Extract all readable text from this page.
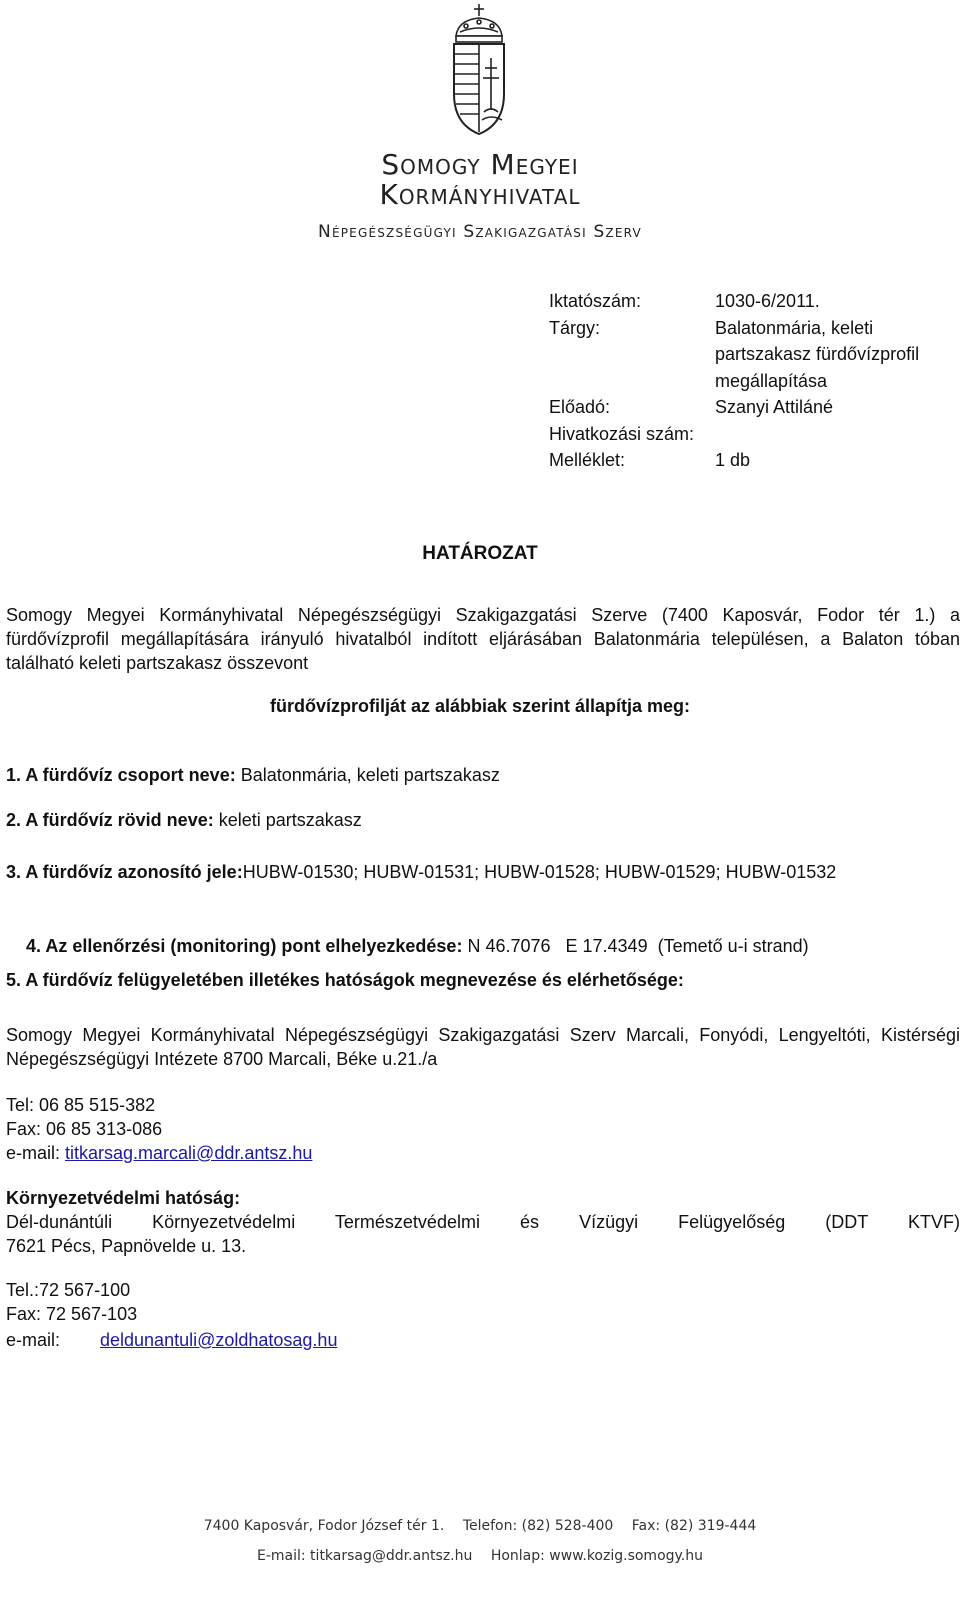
Somogy Megyei
Kormányhivatal
Népegészségügyi Szakigazgatási Szerv
Iktatószám:	1030-6/2011.
Tárgy:	Balatonmária, keleti
partszakasz fürdővízprofil
megállapítása
Előadó:	Szanyi Attiláné
Hivatkozási szám:
Melléklet:	1 db
HATÁROZAT
Somogy Megyei Kormányhivatal Népegészségügyi Szakigazgatási Szerve (7400 Kaposvár, Fodor tér 1.) a fürdővízprofil megállapítására irányuló hivatalból indított eljárásában Balatonmária településen, a Balaton tóban található keleti partszakasz összevont
fürdővízprofilját az alábbiak szerint állapítja meg:
1. A fürdővíz csoport neve: Balatonmária, keleti partszakasz
2. A fürdővíz rövid neve: keleti partszakasz
3. A fürdővíz azonosító jele:HUBW-01530; HUBW-01531; HUBW-01528; HUBW-01529; HUBW-01532

4. Az ellenőrzési (monitoring) pont elhelyezkedése: N 46.7076   E 17.4349  (Temető u-i strand)

5. A fürdővíz felügyeletében illetékes hatóságok megnevezése és elérhetősége:
Somogy Megyei Kormányhivatal Népegészségügyi Szakigazgatási Szerv Marcali, Fonyódi, Lengyeltóti, Kistérségi Népegészségügyi Intézete 8700 Marcali, Béke u.21./a
Tel: 06 85 515-382
Fax: 06 85 313-086
e-mail: titkarsag.marcali@ddr.antsz.hu
Környezetvédelmi hatóság:
Dél-dunántúli Környezetvédelmi Természetvédelmi és Vízügyi Felügyelőség (DDT KTVF)
7621 Pécs, Papnövelde u. 13.
Tel.:72 567-100
Fax: 72 567-103
e-mail: deldunantuli@zoldhatosag.hu
7400 Kaposvár, Fodor József tér 1. Telefon: (82) 528-400 Fax: (82) 319-444
E-mail: titkarsag@ddr.antsz.hu Honlap: www.kozig.somogy.hu
